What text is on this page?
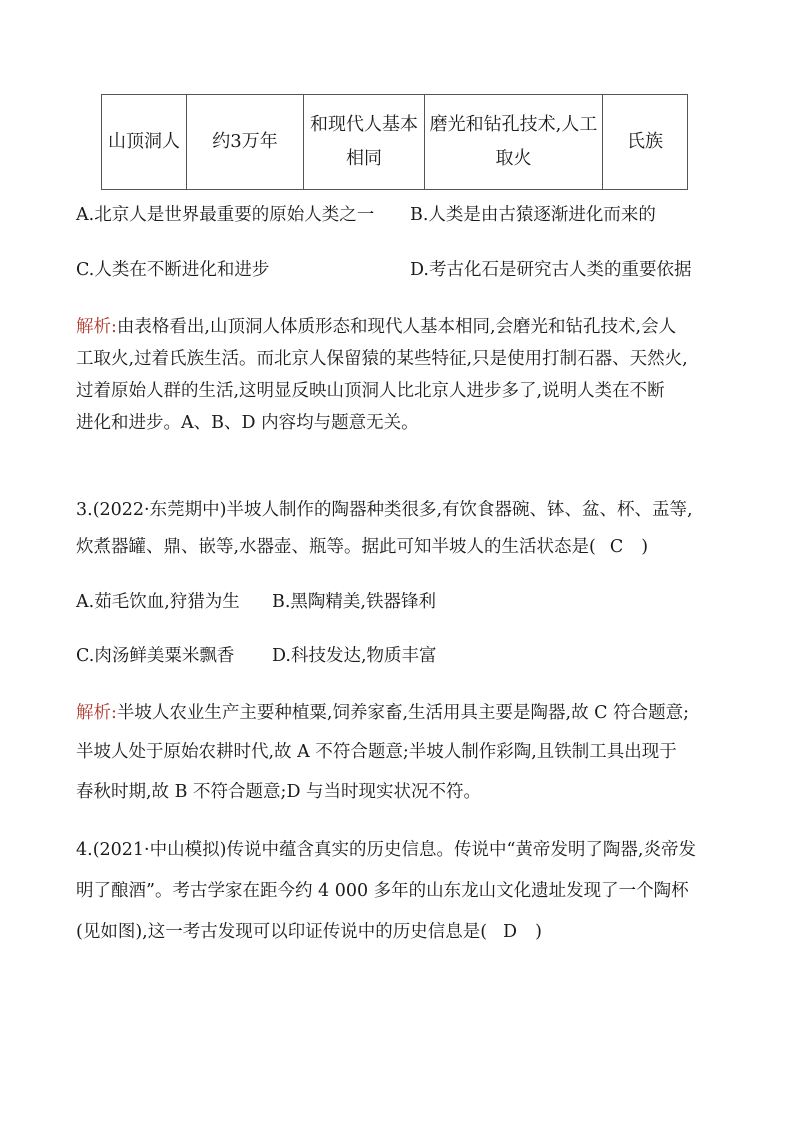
山顶洞人	约3万年	和现代人基本相同	磨光和钻孔技术,人工取火	氏族
A.北京人是世界最重要的原始人类之一 B.人类是由古猿逐渐进化而来的
C.人类在不断进化和进步	D.考古化石是研究古人类的重要依据
解析:由表格看出,山顶洞人体质形态和现代人基本相同,会磨光和钻孔技术,会人
工取火,过着氏族生活。而北京人保留猿的某些特征,只是使用打制石器、天然火,
过着原始人群的生活,这明显反映山顶洞人比北京人进步多了,说明人类在不断
进化和进步。A、B、D 内容均与题意无关。
3.(2022·东莞期中)半坡人制作的陶器种类很多,有饮食器碗、钵、盆、杯、盂等,
炊煮器罐、鼎、嵌等,水器壶、瓶等。据此可知半坡人的生活状态是( C )
A.茹毛饮血,狩猎为生 B.黑陶精美,铁器锋利
C.肉汤鲜美粟米飘香 D.科技发达,物质丰富
解析:半坡人农业生产主要种植粟,饲养家畜,生活用具主要是陶器,故 C 符合题意;
半坡人处于原始农耕时代,故 A 不符合题意;半坡人制作彩陶,且铁制工具出现于
春秋时期,故 B 不符合题意;D 与当时现实状况不符。
4.(2021·中山模拟)传说中蕴含真实的历史信息。传说中“黄帝发明了陶器,炎帝发
明了酿酒”。考古学家在距今约 4 000 多年的山东龙山文化遗址发现了一个陶杯
(见如图),这一考古发现可以印证传说中的历史信息是( D )
